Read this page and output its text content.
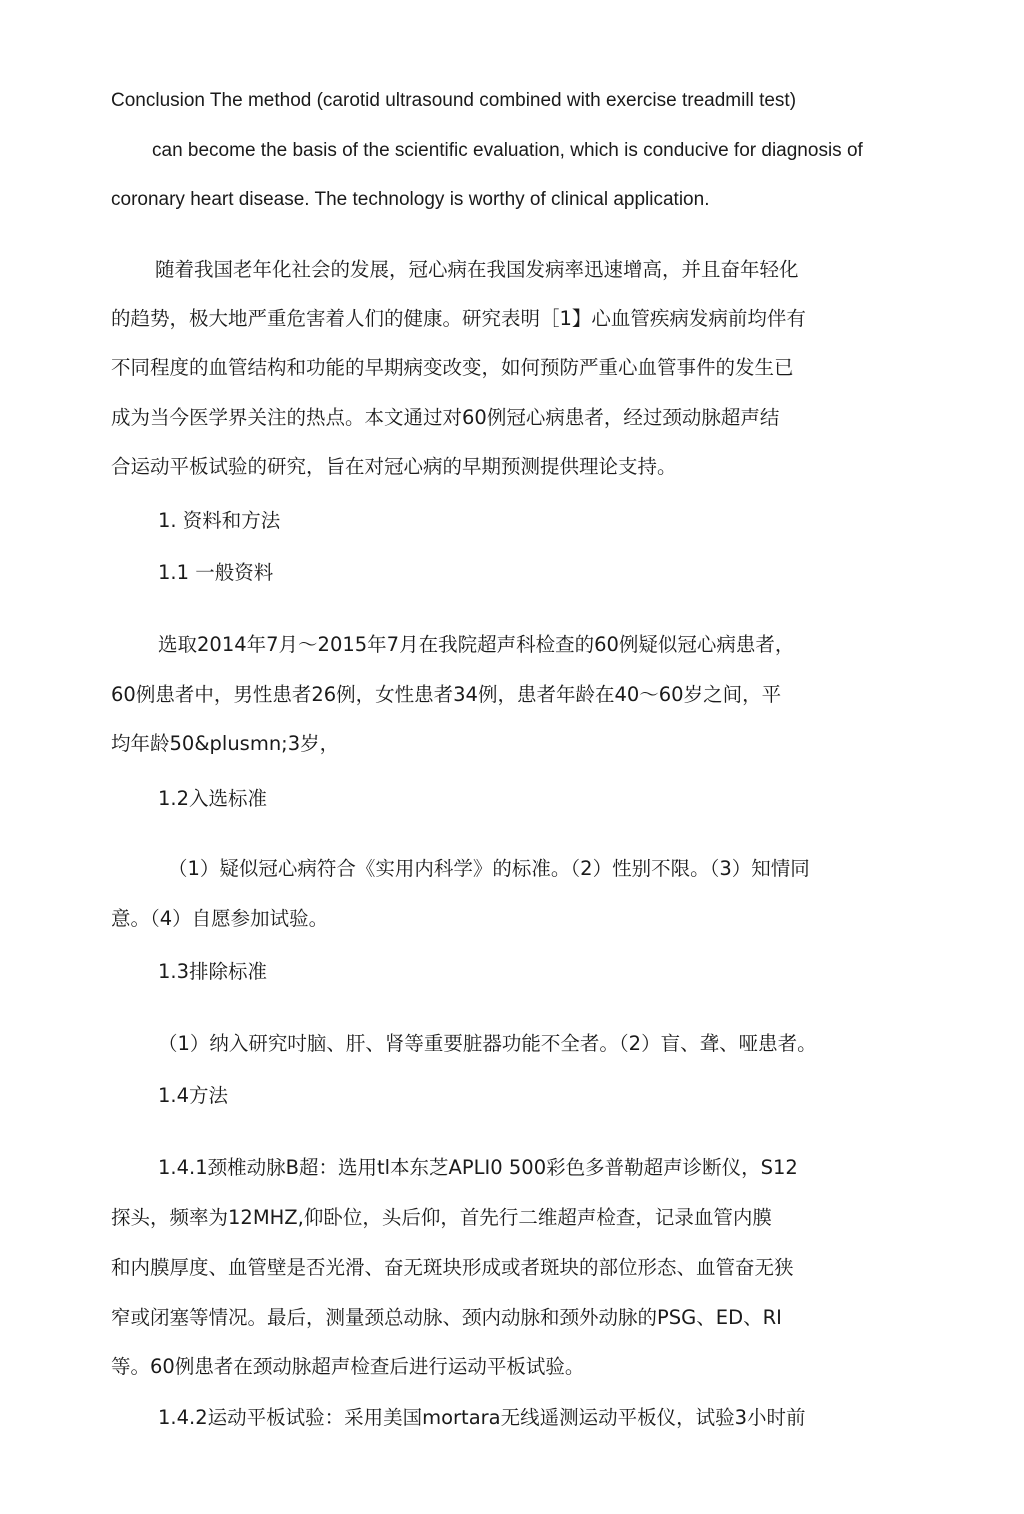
Conclusion The method (carotid ultrasound combined with exercise treadmill test)
can become the basis of the scientific evaluation, which is conducive for diagnosis of
coronary heart disease. The technology is worthy of clinical application.
随着我国老年化社会的发展，冠心病在我国发病率迅速增高，并且奋年轻化
的趋势，极大地严重危害着人们的健康。研究表明［1】心血管疾病发病前均伴有
不同程度的血管结构和功能的早期病变改变，如何预防严重心血管事件的发生已
成为当今医学界关注的热点。本文通过对60例冠心病患者，经过颈动脉超声结
合运动平板试验的研究，旨在对冠心病的早期预测提供理论支持。
1. 资料和方法
1.1 一般资料
选取2014年7月～2015年7月在我院超声科检查的60例疑似冠心病患者，
60例患者中，男性患者26例，女性患者34例，患者年龄在40～60岁之间，平
均年龄50&plusmn;3岁，
1.2入选标准
（1）疑似冠心病符合《实用内科学》的标准。（2）性别不限。（3）知情同
意。（4）自愿参加试验。
1.3排除标准
（1）纳入研究吋脑、肝、肾等重要脏器功能不全者。（2）盲、聋、哑患者。
1.4方法
1.4.1颈椎动脉B超：选用tl本东芝APLI0 500彩色多普勒超声诊断仪，S12
探头，频率为12MHZ,仰卧位，头后仰，首先行二维超声检查，记录血管内膜
和内膜厚度、血管壁是否光滑、奋无斑块形成或者斑块的部位形态、血管奋无狭
窄或闭塞等情况。最后，测量颈总动脉、颈内动脉和颈外动脉的PSG、ED、RI
等。60例患者在颈动脉超声检查后进行运动平板试验。
1.4.2运动平板试验：采用美国mortara无线遥测运动平板仪，试验3小时前
